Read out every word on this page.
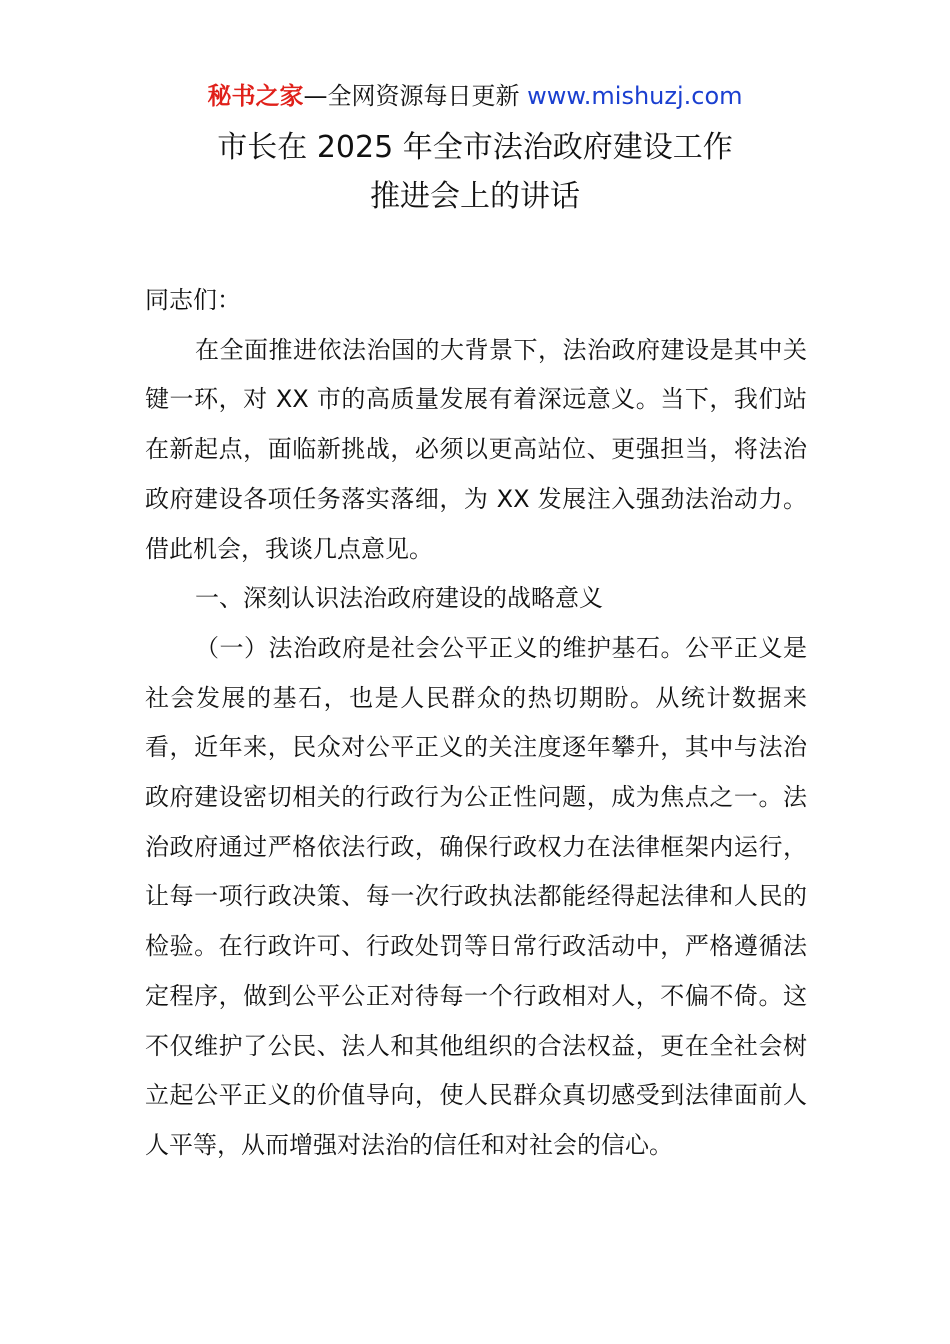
秘书之家—全网资源每日更新 www.mishuzj.com
市长在 2025 年全市法治政府建设工作
推进会上的讲话

同志们：

在全面推进依法治国的大背景下，法治政府建设是其中关键一环，对 XX 市的高质量发展有着深远意义。当下，我们站在新起点，面临新挑战，必须以更高站位、更强担当，将法治政府建设各项任务落实落细，为 XX 发展注入强劲法治动力。借此机会，我谈几点意见。

一、深刻认识法治政府建设的战略意义

（一）法治政府是社会公平正义的维护基石。公平正义是社会发展的基石，也是人民群众的热切期盼。从统计数据来看，近年来，民众对公平正义的关注度逐年攀升，其中与法治政府建设密切相关的行政行为公正性问题，成为焦点之一。法治政府通过严格依法行政，确保行政权力在法律框架内运行，让每一项行政决策、每一次行政执法都能经得起法律和人民的检验。在行政许可、行政处罚等日常行政活动中，严格遵循法定程序，做到公平公正对待每一个行政相对人，不偏不倚。这不仅维护了公民、法人和其他组织的合法权益，更在全社会树立起公平正义的价值导向，使人民群众真切感受到法律面前人人平等，从而增强对法治的信任和对社会的信心。
